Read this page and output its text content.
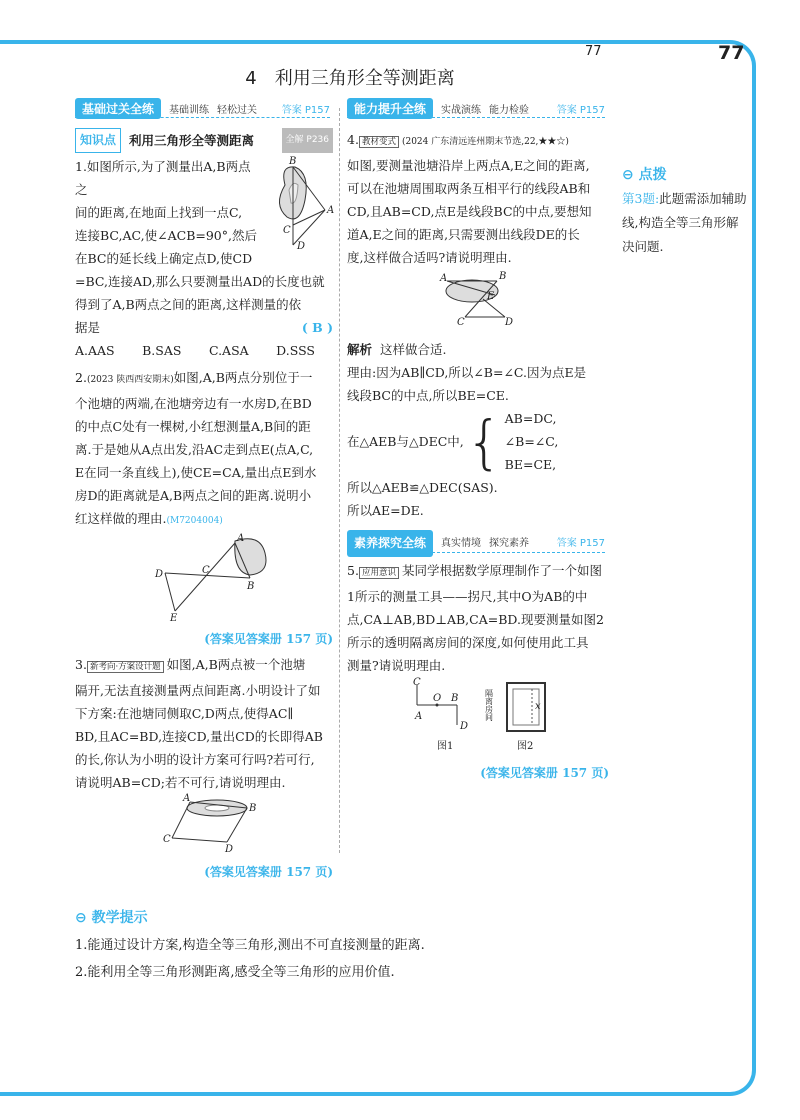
77	77
4 利用三角形全等测距离
基础过关全练	基础训练 轻松过关 答案 P157
知识点	利用三角形全等测距离	全解 P236

1.如图所示,为了测量出A,B两点之

间的距离,在地面上找到一点C,

连接BC,AC,使∠ACB=90°,然后

在BC的延长线上确定点D,使CD

=BC,连接AD,那么只要测量出AD的长度也就

得到了A,B两点之间的距离,这样测量的依

据是	( B )

A.AAS B.SAS C.ASA D.SSS
B
A
C
D

2.(2023 陕西西安期末)如图,A,B两点分别位于一

个池塘的两端,在池塘旁边有一水房D,在BD

的中点C处有一棵树,小红想测量A,B间的距

离.于是她从A点出发,沿AC走到点E(点A,C,

E在同一条直线上),使CE=CA,量出点E到水

房D的距离就是A,B两点之间的距离.说明小

红这样做的理由.(M7204004)

D	C
A
B
E

(答案见答案册 157 页)

3. 新考向·方案设计题 如图,A,B两点被一个池塘

隔开,无法直接测量两点间距离.小明设计了如

下方案:在池塘同侧取C,D两点,使得AC∥

BD,且AC=BD,连接CD,量出CD的长即得AB

的长,你认为小明的设计方案可行吗?若可行,

请说明AB=CD;若不可行,请说明理由.

A
B
C
D

(答案见答案册 157 页)

能力提升全练	实战演练 能力检验	答案 P157

4. 教材变式 (2024 广东清远连州期末节选,22,★★☆)

如图,要测量池塘沿岸上两点A,E之间的距离,

可以在池塘周围取两条互相平行的线段AB和

CD,且AB=CD,点E是线段BC的中点,要想知

道A,E之间的距离,只需要测出线段DE的长

度,这样做合适吗?请说明理由.

A	B
E
C	D

解析 这样做合适.

理由:因为AB∥CD,所以∠B=∠C.因为点E是

线段BC的中点,所以BE=CE.

在△AEB与△DEC中, { AB=DC,

∠B=∠C,

BE=CE,

所以△AEB≌△DEC(SAS).

所以AE=DE.

素养探究全练	真实情境 探究素养	答案 P157

5. 应用意识 某同学根据数学原理制作了一个如图

1所示的测量工具——拐尺,其中O为AB的中

点,CA⊥AB,BD⊥AB,CA=BD.现要测量如图2

所示的透明隔离房间的深度,如何使用此工具

测量?请说明理由.

C
A
O B
D
x
隔离房间
图1	图2

(答案见答案册 157 页)

⊖ 点拨
第3题:此题需添加辅助线,构造全等三角形解决问题.
⊖ 教学提示
1.能通过设计方案,构造全等三角形,测出不可直接测量的距离.
2.能利用全等三角形测距离,感受全等三角形的应用价值.
